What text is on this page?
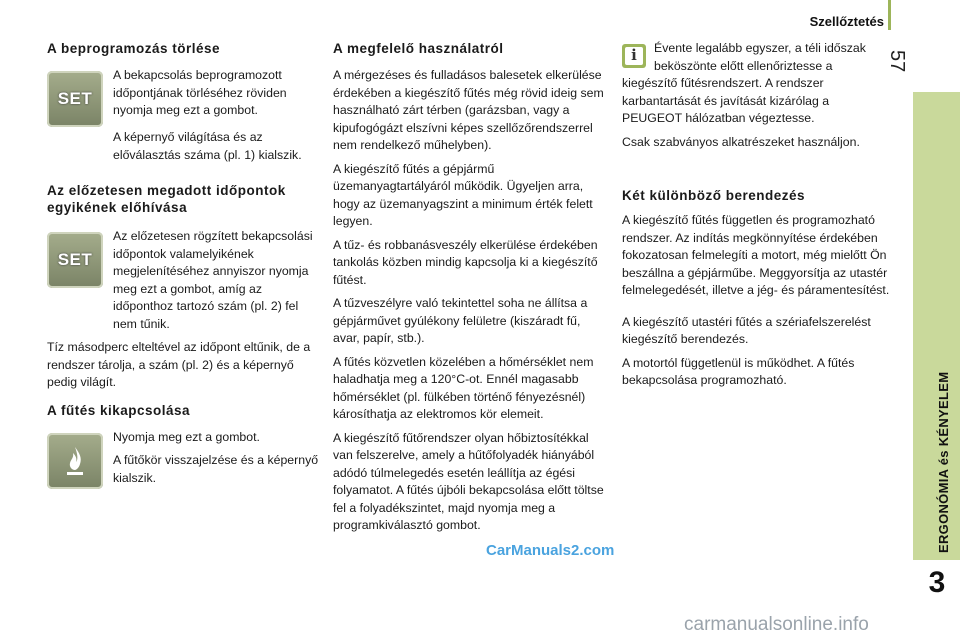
Szellőztetés
57
ERGONÓMIA és KÉNYELEM
3
A beprogramozás törlése
SET

A bekapcsolás beprogramozott időpontjának törléséhez röviden nyomja meg ezt a gombot.

A képernyő világítása és az előválasztás száma (pl. 1) kialszik.

Az előzetesen megadott időpontok egyikének előhívása
SET

Az előzetesen rögzített bekapcsolási időpontok valamelyikének megjelenítéséhez annyiszor nyomja meg ezt a gombot, amíg az időponthoz tartozó szám (pl. 2) fel nem tűnik.

Tíz másodperc elteltével az időpont eltűnik, de a rendszer tárolja, a szám (pl. 2) és a képernyő pedig világít.

A fűtés kikapcsolása

Nyomja meg ezt a gombot.

A fűtőkör visszajelzése és a képernyő kialszik.

A megfelelő használatról

A mérgezéses és fulladásos balesetek elkerülése érdekében a kiegészítő fűtés még rövid ideig sem használható zárt térben (garázsban, vagy a kipufogógázt elszívni képes szellőzőrendszerrel nem rendelkező műhelyben).

A kiegészítő fűtés a gépjármű üzemanyagtartályáról működik. Ügyeljen arra, hogy az üzemanyagszint a minimum érték felett legyen.

A tűz- és robbanásveszély elkerülése érdekében tankolás közben mindig kapcsolja ki a kiegészítő fűtést.

A tűzveszélyre való tekintettel soha ne állítsa a gépjárművet gyúlékony felületre (kiszáradt fű, avar, papír, stb.).

A fűtés közvetlen közelében a hőmérséklet nem haladhatja meg a 120°C-ot. Ennél magasabb hőmérséklet (pl. fülkében történő fényezésnél) károsíthatja az elektromos kör elemeit.

A kiegészítő fűtőrendszer olyan hőbiztosítékkal van felszerelve, amely a hűtőfolyadék hiányából adódó túlmelegedés esetén leállítja az égési folyamatot. A fűtés újbóli bekapcsolása előtt töltse fel a folyadékszintet, majd nyomja meg a programkiválasztó gombot.

i	Évente legalább egyszer, a téli időszak beköszönte előtt ellenőriztesse a kiegészítő fűtésrendszert. A rendszer karbantartását és javítását kizárólag a PEUGEOT hálózatban végeztesse.

Csak szabványos alkatrészeket használjon.

Két különböző berendezés

A kiegészítő fűtés független és programozható rendszer. Az indítás megkönnyítése érdekében fokozatosan felmelegíti a motort, még mielőtt Ön beszállna a gépjárműbe. Meggyorsítja az utastér felmelegedését, illetve a jég- és páramentesítést.

A kiegészítő utastéri fűtés a szériafelszerelést kiegészítő berendezés.

A motortól függetlenül is működhet. A fűtés bekapcsolása programozható.

CarManuals2.com
carmanualsonline.info
